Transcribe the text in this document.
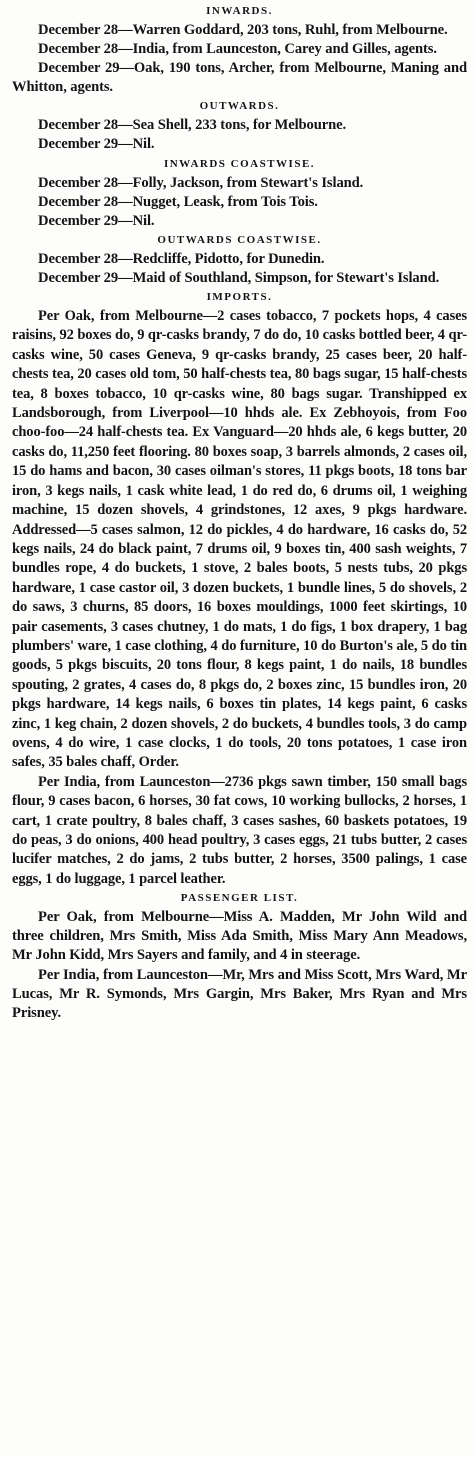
INWARDS.

December 28—Warren Goddard, 203 tons, Ruhl, from Melbourne.

December 28—India, from Launceston, Carey and Gilles, agents.

December 29—Oak, 190 tons, Archer, from Melbourne, Maning and Whitton, agents.

OUTWARDS.

December 28—Sea Shell, 233 tons, for Melbourne.

December 29—Nil.

INWARDS COASTWISE.

December 28—Folly, Jackson, from Stewart's Island.

December 28—Nugget, Leask, from Tois Tois.

December 29—Nil.

OUTWARDS COASTWISE.

December 28—Redcliffe, Pidotto, for Dunedin.

December 29—Maid of Southland, Simpson, for Stewart's Island.

IMPORTS.

Per Oak, from Melbourne—2 cases tobacco, 7 pockets hops, 4 cases raisins, 92 boxes do, 9 qr-casks brandy, 7 do do, 10 casks bottled beer, 4 qr-casks wine, 50 cases Geneva, 9 qr-casks brandy, 25 cases beer, 20 half-chests tea, 20 cases old tom, 50 half-chests tea, 80 bags sugar, 15 half-chests tea, 8 boxes tobacco, 10 qr-casks wine, 80 bags sugar. Transhipped ex Landsborough, from Liverpool—10 hhds ale. Ex Zebhoyois, from Foo choo-foo—24 half-chests tea. Ex Vanguard—20 hhds ale, 6 kegs butter, 20 casks do, 11,250 feet flooring. 80 boxes soap, 3 barrels almonds, 2 cases oil, 15 do hams and bacon, 30 cases oilman's stores, 11 pkgs boots, 18 tons bar iron, 3 kegs nails, 1 cask white lead, 1 do red do, 6 drums oil, 1 weighing machine, 15 dozen shovels, 4 grindstones, 12 axes, 9 pkgs hardware. Addressed—5 cases salmon, 12 do pickles, 4 do hardware, 16 casks do, 52 kegs nails, 24 do black paint, 7 drums oil, 9 boxes tin, 400 sash weights, 7 bundles rope, 4 do buckets, 1 stove, 2 bales boots, 5 nests tubs, 20 pkgs hardware, 1 case castor oil, 3 dozen buckets, 1 bundle lines, 5 do shovels, 2 do saws, 3 churns, 85 doors, 16 boxes mouldings, 1000 feet skirtings, 10 pair casements, 3 cases chutney, 1 do mats, 1 do figs, 1 box drapery, 1 bag plumbers' ware, 1 case clothing, 4 do furniture, 10 do Burton's ale, 5 do tin goods, 5 pkgs biscuits, 20 tons flour, 8 kegs paint, 1 do nails, 18 bundles spouting, 2 grates, 4 cases do, 8 pkgs do, 2 boxes zinc, 15 bundles iron, 20 pkgs hardware, 14 kegs nails, 6 boxes tin plates, 14 kegs paint, 6 casks zinc, 1 keg chain, 2 dozen shovels, 2 do buckets, 4 bundles tools, 3 do camp ovens, 4 do wire, 1 case clocks, 1 do tools, 20 tons potatoes, 1 case iron safes, 35 bales chaff, Order.

Per India, from Launceston—2736 pkgs sawn timber, 150 small bags flour, 9 cases bacon, 6 horses, 30 fat cows, 10 working bullocks, 2 horses, 1 cart, 1 crate poultry, 8 bales chaff, 3 cases sashes, 60 baskets potatoes, 19 do peas, 3 do onions, 400 head poultry, 3 cases eggs, 21 tubs butter, 2 cases lucifer matches, 2 do jams, 2 tubs butter, 2 horses, 3500 palings, 1 case eggs, 1 do luggage, 1 parcel leather.

PASSENGER LIST.

Per Oak, from Melbourne—Miss A. Madden, Mr John Wild and three children, Mrs Smith, Miss Ada Smith, Miss Mary Ann Meadows, Mr John Kidd, Mrs Sayers and family, and 4 in steerage.

Per India, from Launceston—Mr, Mrs and Miss Scott, Mrs Ward, Mr Lucas, Mr R. Symonds, Mrs Gargin, Mrs Baker, Mrs Ryan and Mrs Prisney.
